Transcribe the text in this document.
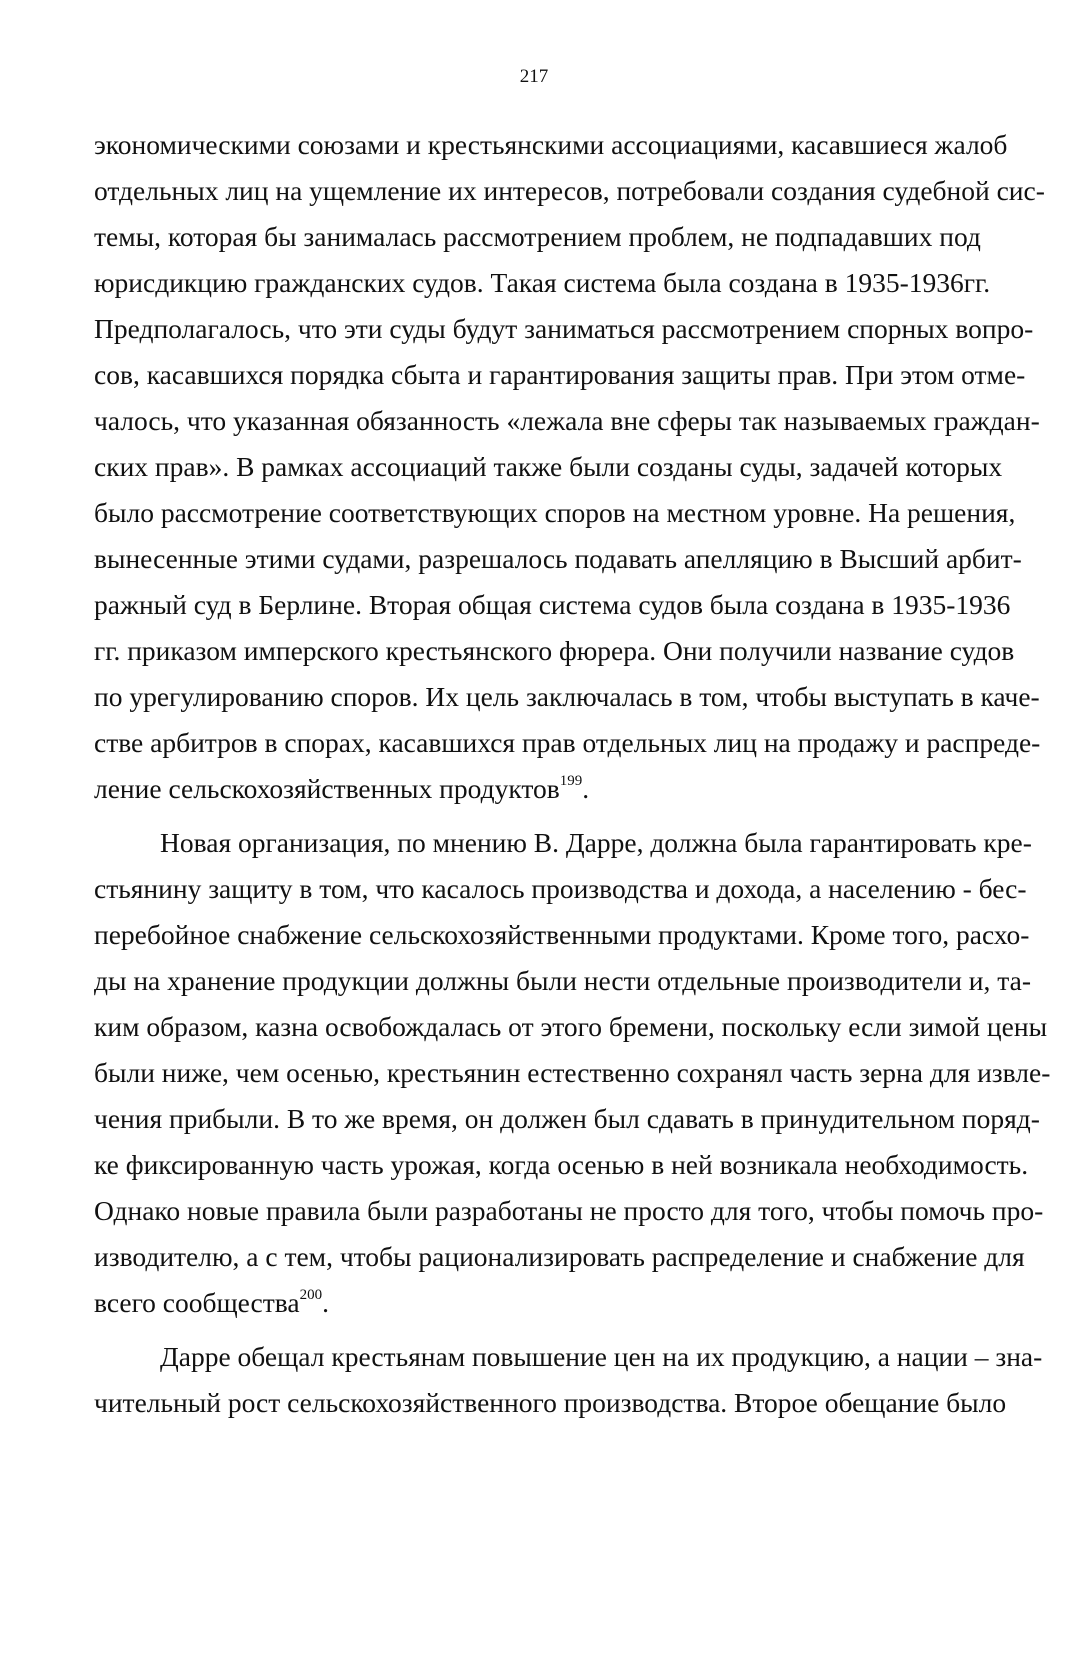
217
экономическими союзами и крестьянскими ассоциациями, касавшиеся жалоб
отдельных лиц на ущемление их интересов, потребовали создания судебной сис-
темы, которая бы занималась рассмотрением проблем, не подпадавших под
юрисдикцию гражданских судов. Такая система была создана в 1935-1936гг.
Предполагалось, что эти суды будут заниматься рассмотрением спорных вопро-
сов, касавшихся порядка сбыта и гарантирования защиты прав. При этом отме-
чалось, что указанная обязанность «лежала вне сферы так называемых граждан-
ских прав». В рамках ассоциаций также были созданы суды, задачей которых
было рассмотрение соответствующих споров на местном уровне. На решения,
вынесенные этими судами, разрешалось подавать апелляцию в Высший арбит-
ражный суд в Берлине. Вторая общая система судов была создана в 1935-1936
гг. приказом имперского крестьянского фюрера. Они получили название судов
по урегулированию споров. Их цель заключалась в том, чтобы выступать в каче-
стве арбитров в спорах, касавшихся прав отдельных лиц на продажу и распреде-
ление сельскохозяйственных продуктов$^{199}$.
Новая организация, по мнению В. Дарре, должна была гарантировать кре-
стьянину защиту в том, что касалось производства и дохода, а населению - бес-
перебойное снабжение сельскохозяйственными продуктами. Кроме того, расхо-
ды на хранение продукции должны были нести отдельные производители и, та-
ким образом, казна освобождалась от этого бремени, поскольку если зимой цены
были ниже, чем осенью, крестьянин естественно сохранял часть зерна для извле-
чения прибыли. В то же время, он должен был сдавать в принудительном поряд-
ке фиксированную часть урожая, когда осенью в ней возникала необходимость.
Однако новые правила были разработаны не просто для того, чтобы помочь про-
изводителю, а с тем, чтобы рационализировать распределение и снабжение для
всего сообщества$^{200}$.
Дарре обещал крестьянам повышение цен на их продукцию, а нации – зна-
чительный рост сельскохозяйственного производства. Второе обещание было
